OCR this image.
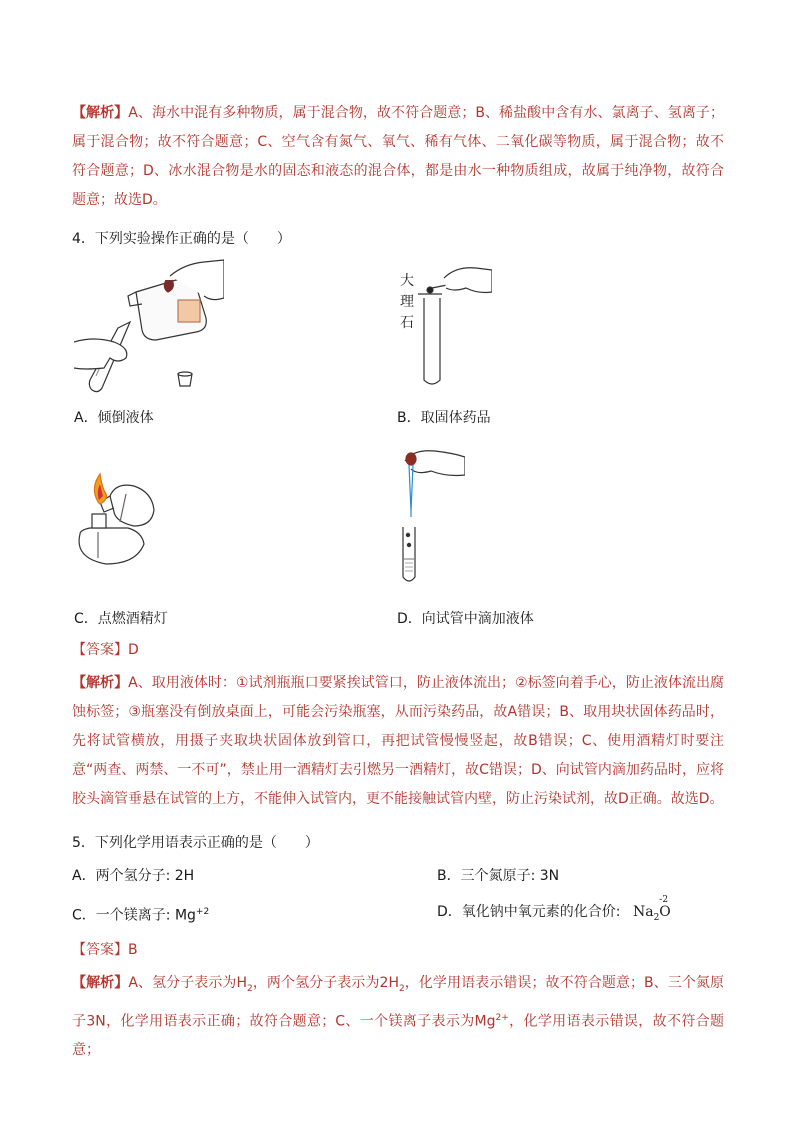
【解析】A、海水中混有多种物质，属于混合物，故不符合题意；B、稀盐酸中含有水、氯离子、氢离子；属于混合物；故不符合题意；C、空气含有氮气、氧气、稀有气体、二氧化碳等物质，属于混合物；故不符合题意；D、冰水混合物是水的固态和液态的混合体，都是由水一种物质组成，故属于纯净物，故符合题意；故选D。
4．下列实验操作正确的是（　　）
A．倾倒液体
大
理
石
B．取固体药品
C．点燃酒精灯	D．向试管中滴加液体
【答案】D
【解析】A、取用液体时：①试剂瓶瓶口要紧挨试管口，防止液体流出；②标签向着手心，防止液体流出腐蚀标签；③瓶塞没有倒放桌面上，可能会污染瓶塞，从而污染药品，故A错误；B、取用块状固体药品时，先将试管横放，用摄子夹取块状固体放到管口，再把试管慢慢竖起，故B错误；C、使用酒精灯时要注意“两查、两禁、一不可”，禁止用一酒精灯去引燃另一酒精灯，故C错误；D、向试管内滴加药品时，应将胶头滴管垂悬在试管的上方，不能伸入试管内，更不能接触试管内壁，防止污染试剂，故D正确。故选D。
5．下列化学用语表示正确的是（　　）
A．两个氢分子: 2H	B．三个氮原子: 3N
C．一个镁离子: $Mg^{+2}$	D．氧化钠中氧元素的化合价: $Na_2$
-2
O
【答案】B
【解析】A、氢分子表示为$H_2$，两个氢分子表示为$2H_2$，化学用语表示错误；故不符合题意；B、三个氮原子3N，化学用语表示正确；故符合题意；C、一个镁离子表示为$Mg^{2+}$，化学用语表示错误，故不符合题意；
